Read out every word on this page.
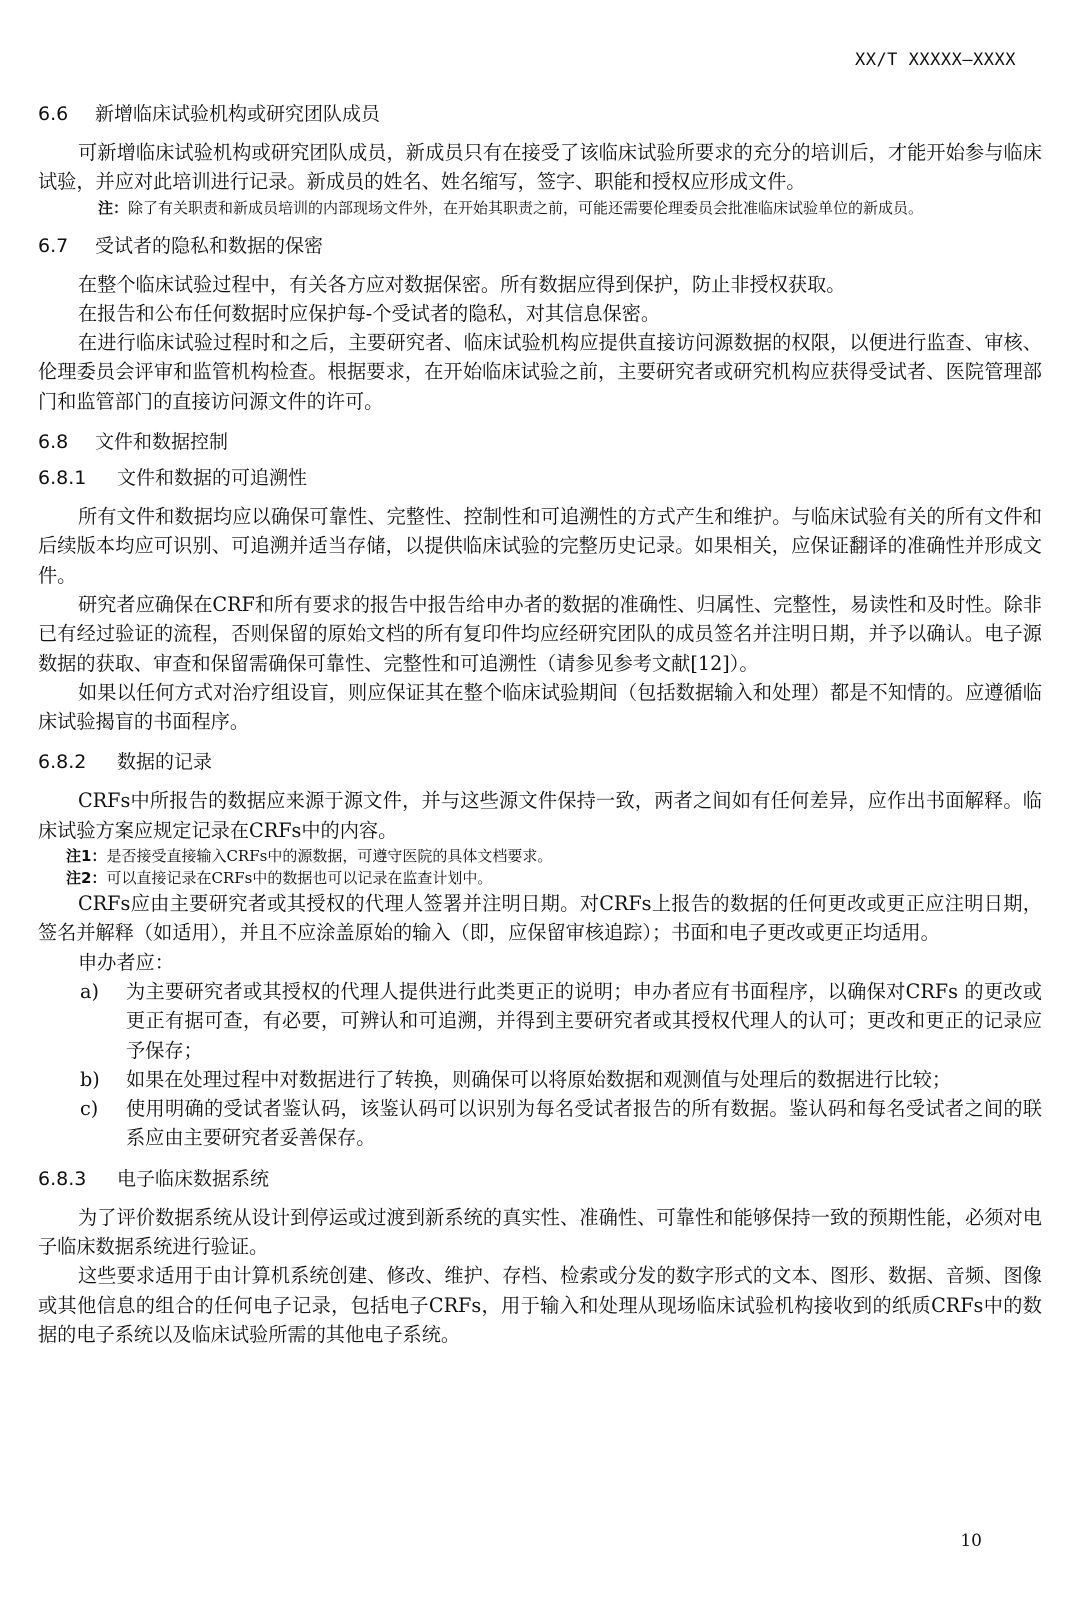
XX/T XXXXX—XXXX
6.6 新增临床试验机构或研究团队成员

可新增临床试验机构或研究团队成员，新成员只有在接受了该临床试验所要求的充分的培训后，才能开始参与临床试验，并应对此培训进行记录。新成员的姓名、姓名缩写，签字、职能和授权应形成文件。

注：除了有关职责和新成员培训的内部现场文件外，在开始其职责之前，可能还需要伦理委员会批准临床试验单位的新成员。
6.7 受试者的隐私和数据的保密

在整个临床试验过程中，有关各方应对数据保密。所有数据应得到保护，防止非授权获取。

在报告和公布任何数据时应保护每-个受试者的隐私，对其信息保密。

在进行临床试验过程时和之后，主要研究者、临床试验机构应提供直接访问源数据的权限，以便进行监查、审核、伦理委员会评审和监管机构检查。根据要求，在开始临床试验之前，主要研究者或研究机构应获得受试者、医院管理部门和监管部门的直接访问源文件的许可。

6.8 文件和数据控制
6.8.1 文件和数据的可追溯性

所有文件和数据均应以确保可靠性、完整性、控制性和可追溯性的方式产生和维护。与临床试验有关的所有文件和后续版本均应可识别、可追溯并适当存储，以提供临床试验的完整历史记录。如果相关，应保证翻译的准确性并形成文件。

研究者应确保在CRF和所有要求的报告中报告给申办者的数据的准确性、归属性、完整性，易读性和及时性。除非已有经过验证的流程，否则保留的原始文档的所有复印件均应经研究团队的成员签名并注明日期，并予以确认。电子源数据的获取、审查和保留需确保可靠性、完整性和可追溯性（请参见参考文献[12]）。

如果以任何方式对治疗组设盲，则应保证其在整个临床试验期间（包括数据输入和处理）都是不知情的。应遵循临床试验揭盲的书面程序。

6.8.2 数据的记录

CRFs中所报告的数据应来源于源文件，并与这些源文件保持一致，两者之间如有任何差异，应作出书面解释。临床试验方案应规定记录在CRFs中的内容。

注1：是否接受直接输入CRFs中的源数据，可遵守医院的具体文档要求。
注2：可以直接记录在CRFs中的数据也可以记录在监查计划中。

CRFs应由主要研究者或其授权的代理人签署并注明日期。对CRFs上报告的数据的任何更改或更正应注明日期，签名并解释（如适用），并且不应涂盖原始的输入（即，应保留审核追踪）；书面和电子更改或更正均适用。

申办者应：

a) 为主要研究者或其授权的代理人提供进行此类更正的说明；申办者应有书面程序，以确保对CRFs 的更改或更正有据可查，有必要，可辨认和可追溯，并得到主要研究者或其授权代理人的认可；更改和更正的记录应予保存；
b) 如果在处理过程中对数据进行了转换，则确保可以将原始数据和观测值与处理后的数据进行比较；
c) 使用明确的受试者鉴认码，该鉴认码可以识别为每名受试者报告的所有数据。鉴认码和每名受试者之间的联系应由主要研究者妥善保存。
6.8.3 电子临床数据系统

为了评价数据系统从设计到停运或过渡到新系统的真实性、准确性、可靠性和能够保持一致的预期性能，必须对电子临床数据系统进行验证。

这些要求适用于由计算机系统创建、修改、维护、存档、检索或分发的数字形式的文本、图形、数据、音频、图像或其他信息的组合的任何电子记录，包括电子CRFs，用于输入和处理从现场临床试验机构接收到的纸质CRFs中的数据的电子系统以及临床试验所需的其他电子系统。

10
